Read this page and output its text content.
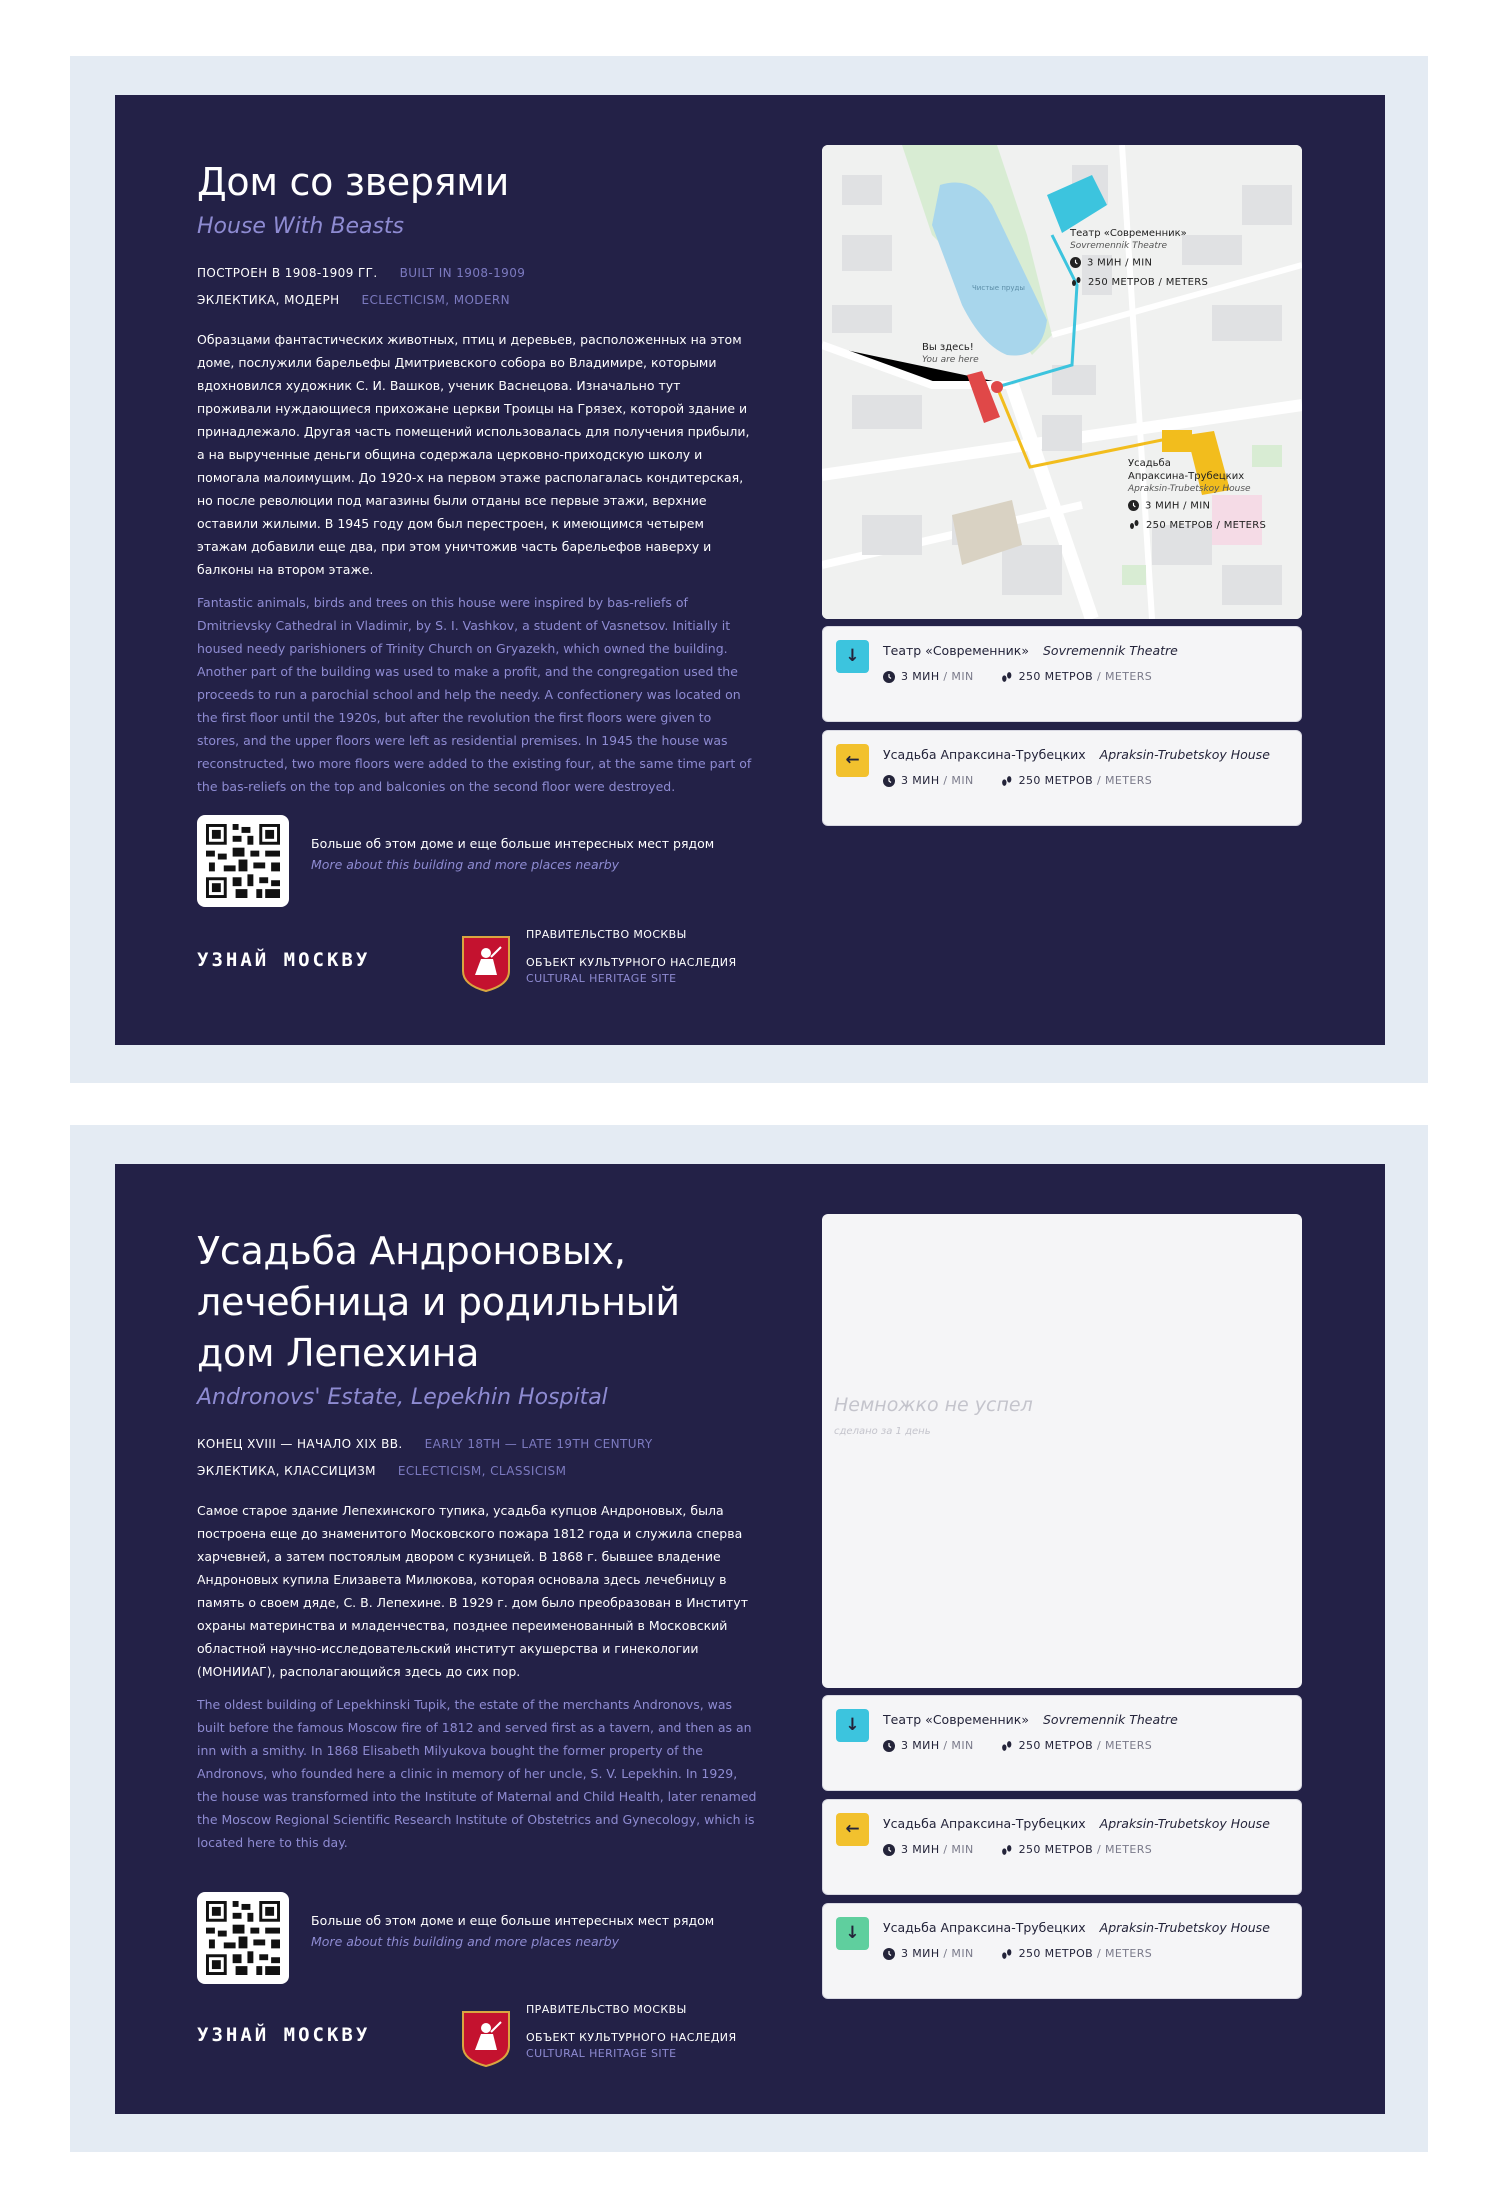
Дом со зверями
House With Beasts
ПОСТРОЕН В 1908-1909 ГГ. BUILT IN 1908-1909
ЭКЛЕКТИКА, МОДЕРН ECLECTICISM, MODERN

Образцами фантастических животных, птиц и деревьев, расположенных на этом доме, послужили барельефы Дмитриевского собора во Владимире, которыми вдохновился художник С. И. Вашков, ученик Васнецова. Изначально тут проживали нуждающиеся прихожане церкви Троицы на Грязех, которой здание и принадлежало. Другая часть помещений использовалась для получения прибыли, а на вырученные деньги община содержала церковно-приходскую школу и помогала малоимущим. До 1920-х на первом этаже располагалась кондитерская, но после революции под магазины были отданы все первые этажи, верхние оставили жилыми. В 1945 году дом был перестроен, к имеющимся четырем этажам добавили еще два, при этом уничтожив часть барельефов наверху и балконы на втором этаже.

Fantastic animals, birds and trees on this house were inspired by bas-reliefs of Dmitrievsky Cathedral in Vladimir, by S. I. Vashkov, a student of Vasnetsov. Initially it housed needy parishioners of Trinity Church on Gryazekh, which owned the building. Another part of the building was used to make a profit, and the congregation used the proceeds to run a parochial school and help the needy. A confectionery was located on the first floor until the 1920s, but after the revolution the first floors were given to stores, and the upper floors were left as residential premises. In 1945 the house was reconstructed, two more floors were added to the existing four, at the same time part of the bas-reliefs on the top and balconies on the second floor were destroyed.

Больше об этом доме и еще больше интересных мест рядом
More about this building and more places nearby
УЗНАЙ МОСКВУ
ПРАВИТЕЛЬСТВО МОСКВЫ
ОБЪЕКТ КУЛЬТУРНОГО НАСЛЕДИЯ
CULTURAL HERITAGE SITE
Чистые пруды
Вы здесь!
You are here
Театр «Современник»
Sovremennik Theatre
3 МИН / MIN
250 МЕТРОВ / METERS
Усадьба
Апраксина-Трубецких
Apraksin-Trubetskoy House
3 МИН / MIN
250 МЕТРОВ / METERS
↓	Театр «Современник» Sovremennik Theatre
3 МИН / MIN	250 МЕТРОВ / METERS
←	Усадьба Апраксина-Трубецких Apraksin-Trubetskoy House
3 МИН / MIN	250 МЕТРОВ / METERS
Усадьба Андроновых,
лечебница и родильный
дом Лепехина
Andronovs' Estate, Lepekhin Hospital
КОНЕЦ XVIII — НАЧАЛО XIX ВВ. EARLY 18TH — LATE 19TH CENTURY
ЭКЛЕКТИКА, КЛАССИЦИЗМ ECLECTICISM, CLASSICISM

Самое старое здание Лепехинского тупика, усадьба купцов Андроновых, была построена еще до знаменитого Московского пожара 1812 года и служила сперва харчевней, а затем постоялым двором с кузницей. В 1868 г. бывшее владение Андроновых купила Елизавета Милюкова, которая основала здесь лечебницу в память о своем дяде, С. В. Лепехине. В 1929 г. дом было преобразован в Институт охраны материнства и младенчества, позднее переименованный в Московский областной научно-исследовательский институт акушерства и гинекологии (МОНИИАГ), располагающийся здесь до сих пор.

The oldest building of Lepekhinski Tupik, the estate of the merchants Andronovs, was built before the famous Moscow fire of 1812 and served first as a tavern, and then as an inn with a smithy. In 1868 Elisabeth Milyukova bought the former property of the Andronovs, who founded here a clinic in memory of her uncle, S. V. Lepekhin. In 1929, the house was transformed into the Institute of Maternal and Child Health, later renamed the Moscow Regional Scientific Research Institute of Obstetrics and Gynecology, which is located here to this day.

Больше об этом доме и еще больше интересных мест рядом
More about this building and more places nearby
УЗНАЙ МОСКВУ
ПРАВИТЕЛЬСТВО МОСКВЫ
ОБЪЕКТ КУЛЬТУРНОГО НАСЛЕДИЯ
CULTURAL HERITAGE SITE
Немножко не успел
сделано за 1 день
↓	Театр «Современник» Sovremennik Theatre
3 МИН / MIN	250 МЕТРОВ / METERS
←	Усадьба Апраксина-Трубецких Apraksin-Trubetskoy House
3 МИН / MIN	250 МЕТРОВ / METERS
↓	Усадьба Апраксина-Трубецких Apraksin-Trubetskoy House
3 МИН / MIN	250 МЕТРОВ / METERS
